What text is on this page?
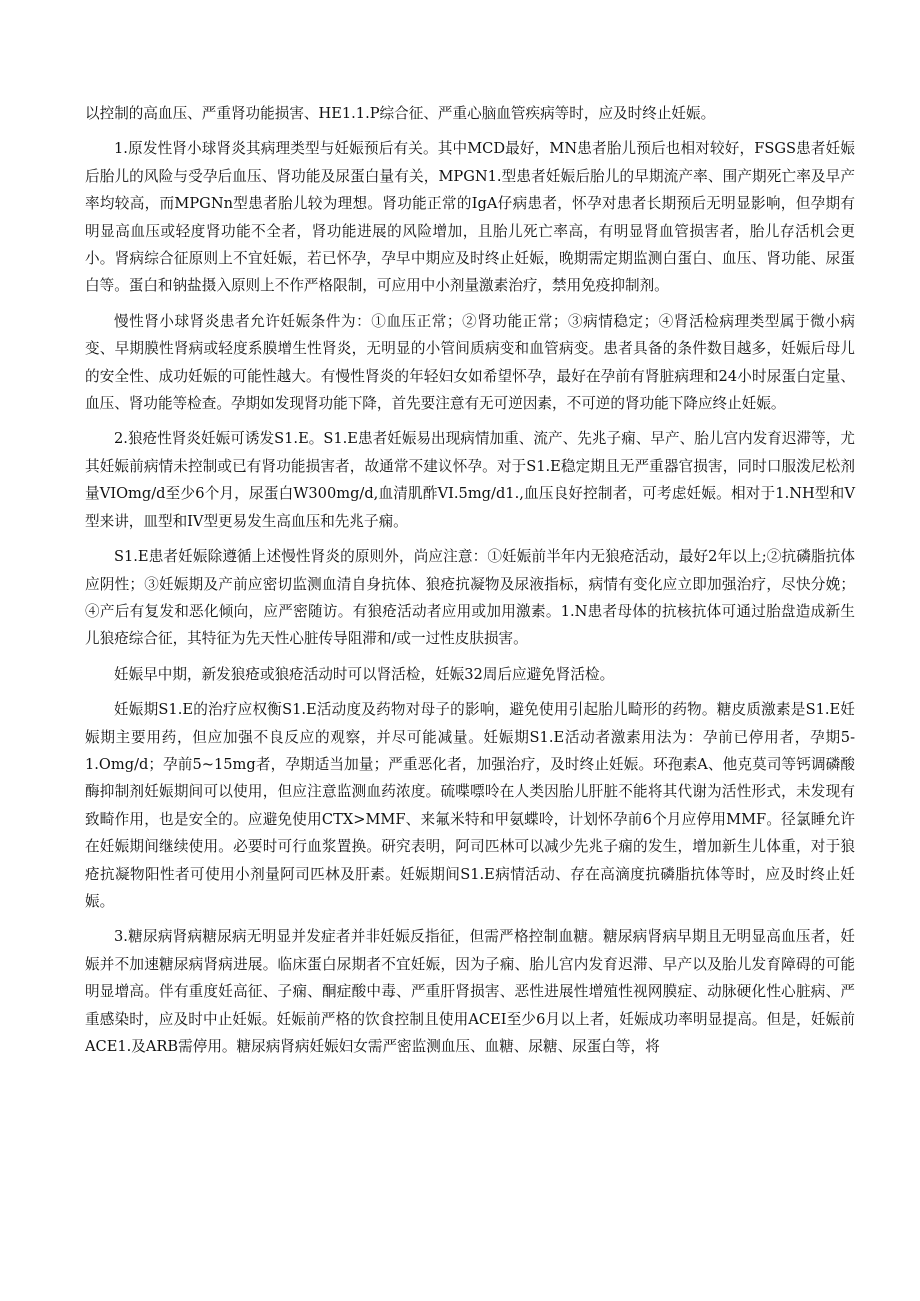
以控制的高血压、严重肾功能损害、HE1.1.P综合征、严重心脑血管疾病等时，应及时终止妊娠。

1.原发性肾小球肾炎其病理类型与妊娠预后有关。其中MCD最好，MN患者胎儿预后也相对较好，FSGS患者妊娠后胎儿的风险与受孕后血压、肾功能及尿蛋白量有关，MPGN1.型患者妊娠后胎儿的早期流产率、围产期死亡率及早产率均较高，而MPGNn型患者胎儿较为理想。肾功能正常的IgA仔病患者，怀孕对患者长期预后无明显影响，但孕期有明显高血压或轻度肾功能不全者，肾功能进展的风险增加，且胎儿死亡率高，有明显肾血管损害者，胎儿存活机会更小。肾病综合征原则上不宜妊娠，若已怀孕，孕早中期应及时终止妊娠，晚期需定期监测白蛋白、血压、肾功能、尿蛋白等。蛋白和钠盐摄入原则上不作严格限制，可应用中小剂量激素治疗，禁用免疫抑制剂。

慢性肾小球肾炎患者允许妊娠条件为：①血压正常；②肾功能正常；③病情稳定；④肾活检病理类型属于微小病变、早期膜性肾病或轻度系膜增生性肾炎，无明显的小管间质病变和血管病变。患者具备的条件数目越多，妊娠后母儿的安全性、成功妊娠的可能性越大。有慢性肾炎的年轻妇女如希望怀孕，最好在孕前有肾脏病理和24小时尿蛋白定量、血压、肾功能等检查。孕期如发现肾功能下降，首先要注意有无可逆因素，不可逆的肾功能下降应终止妊娠。

2.狼疮性肾炎妊娠可诱发S1.E。S1.E患者妊娠易出现病情加重、流产、先兆子痫、早产、胎儿宫内发育迟滞等，尤其妊娠前病情未控制或已有肾功能损害者，故通常不建议怀孕。对于S1.E稳定期且无严重器官损害，同时口服泼尼松剂量VIOmg/d至少6个月，尿蛋白W300mg/d,血清肌酢VI.5mg/d1.,血压良好控制者，可考虑妊娠。相对于1.NH型和V型来讲，皿型和IV型更易发生高血压和先兆子痫。

S1.E患者妊娠除遵循上述慢性肾炎的原则外，尚应注意：①妊娠前半年内无狼疮活动，最好2年以上;②抗磷脂抗体应阴性；③妊娠期及产前应密切监测血清自身抗体、狼疮抗凝物及尿液指标，病情有变化应立即加强治疗，尽快分娩；④产后有复发和恶化倾向，应严密随访。有狼疮活动者应用或加用激素。1.N患者母体的抗核抗体可通过胎盘造成新生儿狼疮综合征，其特征为先天性心脏传导阻滞和/或一过性皮肤损害。

妊娠早中期，新发狼疮或狼疮活动时可以肾活检，妊娠32周后应避免肾活检。

妊娠期S1.E的治疗应权衡S1.E活动度及药物对母子的影响，避免使用引起胎儿畸形的药物。糖皮质激素是S1.E妊娠期主要用药，但应加强不良反应的观察，并尽可能减量。妊娠期S1.E活动者激素用法为：孕前已停用者，孕期5-1.Omg/d；孕前5~15mg者，孕期适当加量；严重恶化者，加强治疗，及时终止妊娠。环孢素A、他克莫司等钙调磷酸酶抑制剂妊娠期间可以使用，但应注意监测血药浓度。硫喋嘌呤在人类因胎儿肝脏不能将其代谢为活性形式，未发现有致畸作用，也是安全的。应避免使用CTX>MMF、来氟米特和甲氨蝶呤，计划怀孕前6个月应停用MMF。径氯睡允许在妊娠期间继续使用。必要时可行血浆置换。研究表明，阿司匹林可以减少先兆子痫的发生，增加新生儿体重，对于狼疮抗凝物阳性者可使用小剂量阿司匹林及肝素。妊娠期间S1.E病情活动、存在高滴度抗磷脂抗体等时，应及时终止妊娠。

3.糖尿病肾病糖尿病无明显并发症者并非妊娠反指征，但需严格控制血糖。糖尿病肾病早期且无明显高血压者，妊娠并不加速糖尿病肾病进展。临床蛋白尿期者不宜妊娠，因为子痫、胎儿宫内发育迟滞、早产以及胎儿发育障碍的可能明显增高。伴有重度妊高征、子痫、酮症酸中毒、严重肝肾损害、恶性进展性增殖性视网膜症、动脉硬化性心脏病、严重感染时，应及时中止妊娠。妊娠前严格的饮食控制且使用ACEI至少6月以上者，妊娠成功率明显提高。但是，妊娠前ACE1.及ARB需停用。糖尿病肾病妊娠妇女需严密监测血压、血糖、尿糖、尿蛋白等，将
